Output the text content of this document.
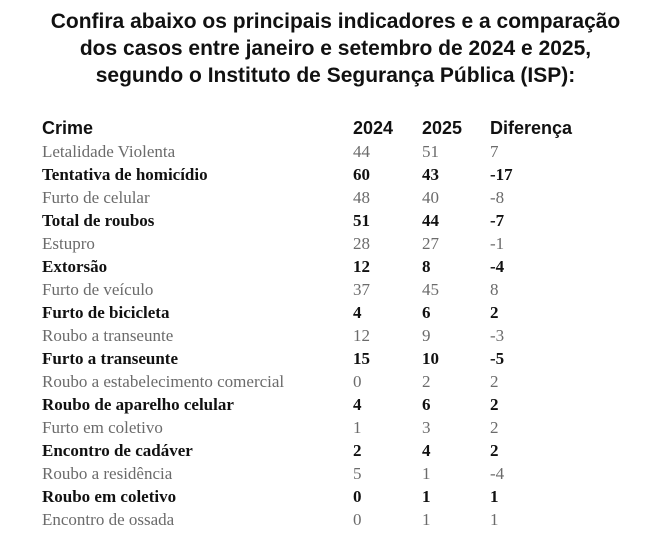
Confira abaixo os principais indicadores e a comparação
dos casos entre janeiro e setembro de 2024 e 2025,
segundo o Instituto de Segurança Pública (ISP):
Crime	2024	2025	Diferença
Letalidade Violenta	44	51	7
Tentativa de homicídio	60	43	-17
Furto de celular	48	40	-8
Total de roubos	51	44	-7
Estupro	28	27	-1
Extorsão	12	8	-4
Furto de veículo	37	45	8
Furto de bicicleta	4	6	2
Roubo a transeunte	12	9	-3
Furto a transeunte	15	10	-5
Roubo a estabelecimento comercial	0	2	2
Roubo de aparelho celular	4	6	2
Furto em coletivo	1	3	2
Encontro de cadáver	2	4	2
Roubo a residência	5	1	-4
Roubo em coletivo	0	1	1
Encontro de ossada	0	1	1
